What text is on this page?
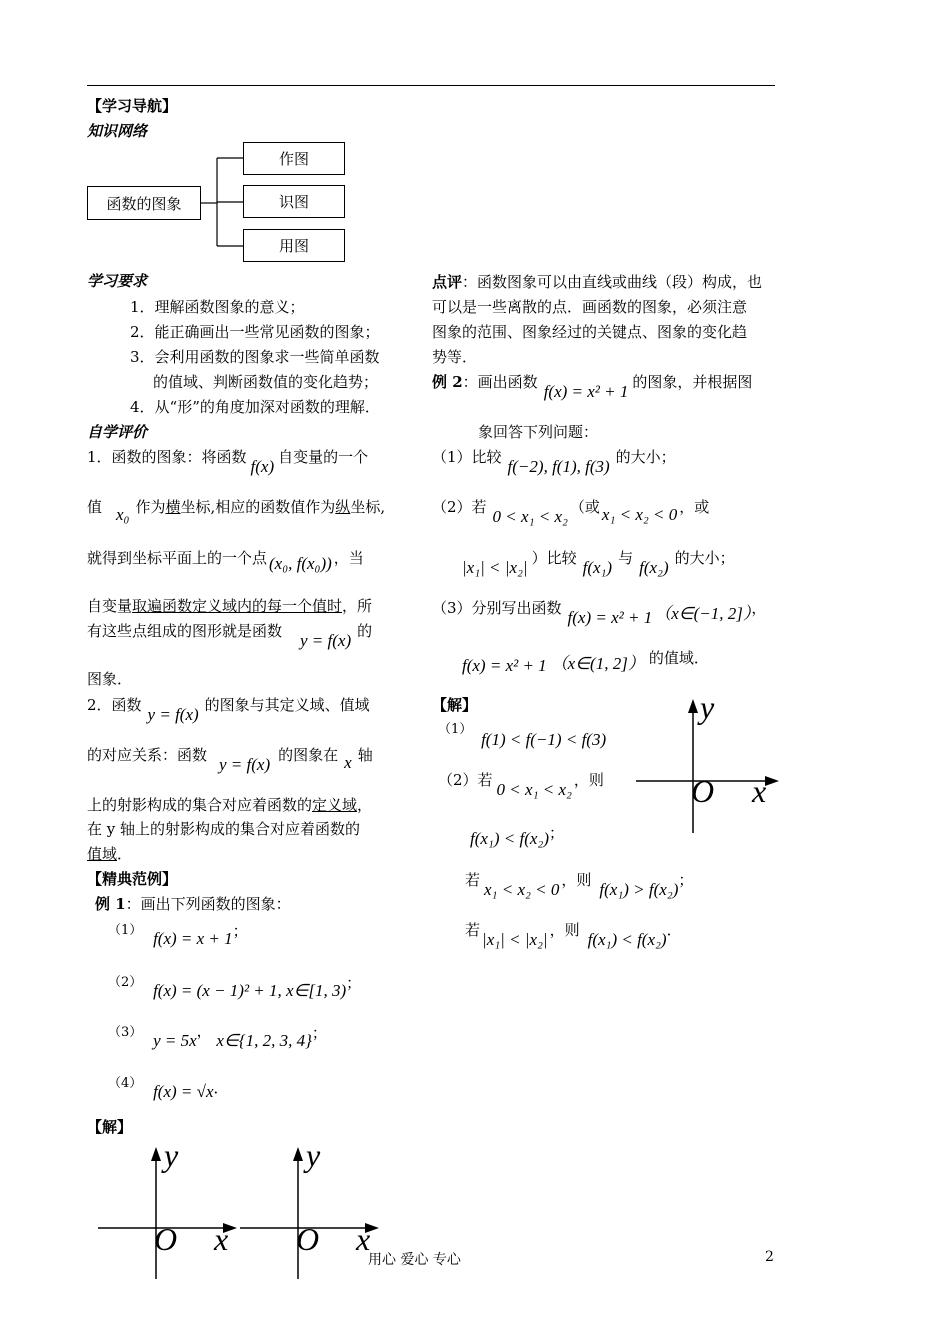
【学习导航】
知识网络
函数的图象
作图
识图
用图
学习要求
1．理解函数图象的意义；
2．能正确画出一些常见函数的图象；
3．会利用函数的图象求一些简单函数
的值域、判断函数值的变化趋势；
4．从“形”的角度加深对函数的理解．
自学评价
1．函数的图象：将函数 f(x) 自变量的一个
值 x₀ 作为横坐标,相应的函数值作为纵坐标,
就得到坐标平面上的一个点 (x₀, f(x₀)) ，当
自变量取遍函数定义域内的每一个值时，所
有这些点组成的图形就是函数 y = f(x) 的
图象．
2．函数 y = f(x) 的图象与其定义域、值域
的对应关系：函数 y = f(x) 的图象在 x 轴
上的射影构成的集合对应着函数的定义域，
在 y 轴上的射影构成的集合对应着函数的
值域．
【精典范例】
例 1：画出下列函数的图象：
（1） f(x) = x + 1；
（2） f(x) = (x − 1)² + 1, x∈[1, 3)；
（3） y = 5x， x∈{1, 2, 3, 4}；
（4） f(x) = √x．
【解】
y
O x
y
O x
点评：函数图象可以由直线或曲线（段）构成，也
可以是一些离散的点．画函数的图象，必须注意
图象的范围、图象经过的关键点、图象的变化趋
势等．
例 2：画出函数 f(x) = x² + 1 的图象，并根据图
象回答下列问题：
（1）比较 f(−2), f(1), f(3) 的大小；
（2）若 0 < x₁ < x₂ （或 x₁ < x₂ < 0 ，或
|x₁| < |x₂| ）比较 f(x₁) 与 f(x₂) 的大小；
（3）分别写出函数 f(x) = x² + 1 （x∈(−1, 2]），
f(x) = x² + 1 （x∈(1, 2]） 的值域．
【解】
（1） f(1) < f(−1) < f(3)
（2）若 0 < x₁ < x₂ ，则
f(x₁) < f(x₂)；
若 x₁ < x₂ < 0 ，则 f(x₁) > f(x₂)；
若 |x₁| < |x₂| ，则 f(x₁) < f(x₂)．
y
O x
用心 爱心 专心	2
